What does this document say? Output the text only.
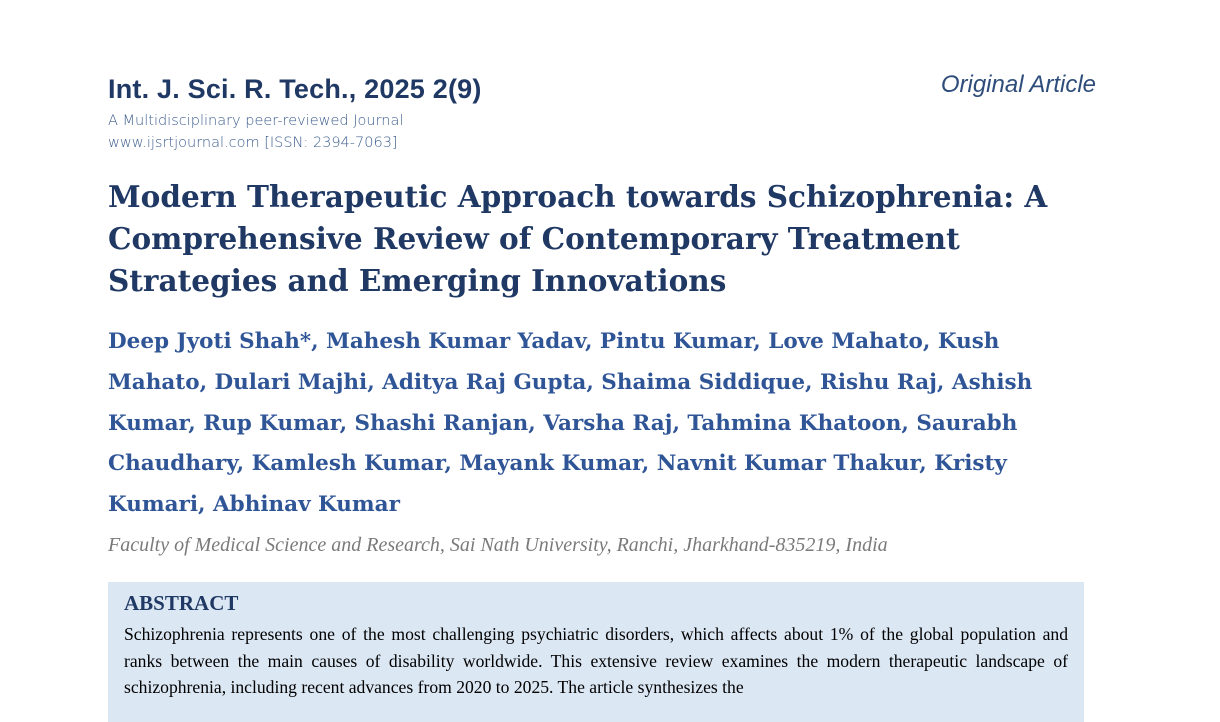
Int. J. Sci. R. Tech., 2025 2(9)	Original Article
A Multidisciplinary peer-reviewed Journal
www.ijsrtjournal.com [ISSN: 2394-7063]
Modern Therapeutic Approach towards Schizophrenia: A Comprehensive Review of Contemporary Treatment Strategies and Emerging Innovations

Deep Jyoti Shah*, Mahesh Kumar Yadav, Pintu Kumar, Love Mahato, Kush Mahato, Dulari Majhi, Aditya Raj Gupta, Shaima Siddique, Rishu Raj, Ashish Kumar, Rup Kumar, Shashi Ranjan, Varsha Raj, Tahmina Khatoon, Saurabh Chaudhary, Kamlesh Kumar, Mayank Kumar, Navnit Kumar Thakur, Kristy Kumari, Abhinav Kumar

Faculty of Medical Science and Research, Sai Nath University, Ranchi, Jharkhand-835219, India
ABSTRACT

Schizophrenia represents one of the most challenging psychiatric disorders, which affects about 1% of the global population and ranks between the main causes of disability worldwide. This extensive review examines the modern therapeutic landscape of schizophrenia, including recent advances from 2020 to 2025. The article synthesizes the
